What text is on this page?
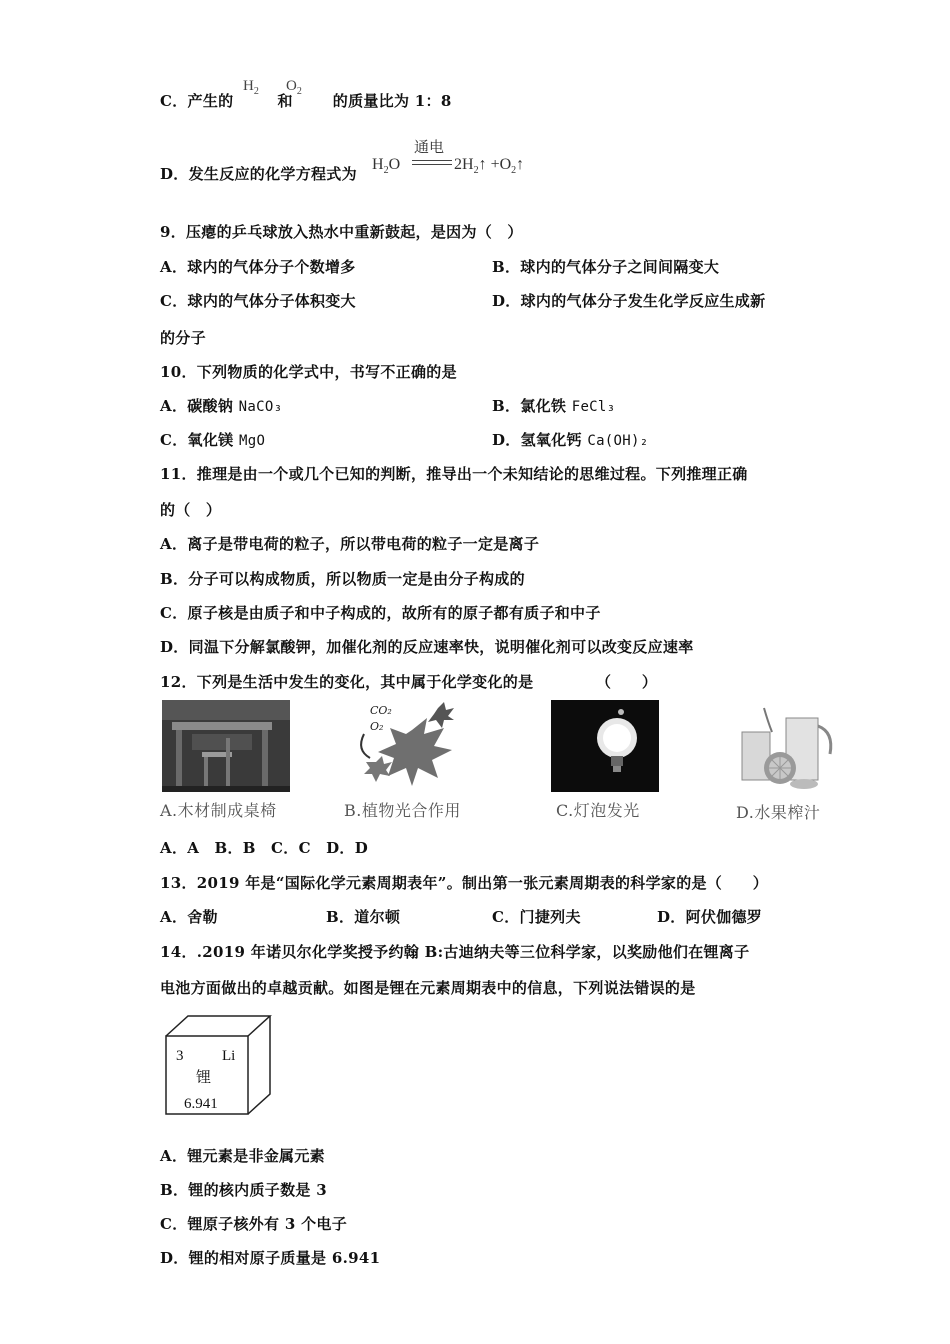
C．产生的	和	的质量比为 1：8
$H_2$ $O_2$
D．发生反应的化学方程式为
$H_2O$
通电
$2H_2↑$ $+O_2↑$
9．压瘪的乒乓球放入热水中重新鼓起，是因为（　）
A．球内的气体分子个数增多	B．球内的气体分子之间间隔变大
C．球内的气体分子体积变大	D．球内的气体分子发生化学反应生成新
的分子
10．下列物质的化学式中，书写不正确的是
A．碳酸钠 NaCO₃	B．氯化铁 FeCl₃
C．氧化镁 MgO	D．氢氧化钙 Ca(OH)₂
11．推理是由一个或几个已知的判断，推导出一个未知结论的思维过程。下列推理正确
的（　）
A．离子是带电荷的粒子，所以带电荷的粒子一定是离子
B．分子可以构成物质，所以物质一定是由分子构成的
C．原子核是由质子和中子构成的，故所有的原子都有质子和中子
D．同温下分解氯酸钾，加催化剂的反应速率快，说明催化剂可以改变反应速率
12．下列是生活中发生的变化，其中属于化学变化的是	（　　）
A.木材制成桌椅
CO₂
O₂
B.植物光合作用	C.灯泡发光	D.水果榨汁
A．A　B．B　C．C　D．D
13．2019 年是“国际化学元素周期表年”。制出第一张元素周期表的科学家的是（　　）
A．舍勒	B．道尔顿	C．门捷列夫	D．阿伏伽德罗
14．.2019 年诺贝尔化学奖授予约翰 B:古迪纳夫等三位科学家，以奖励他们在锂离子
电池方面做出的卓越贡献。如图是锂在元素周期表中的信息，下列说法错误的是
3	Li
锂
6.941
A．锂元素是非金属元素
B．锂的核内质子数是 3
C．锂原子核外有 3 个电子
D．锂的相对原子质量是 6.941
